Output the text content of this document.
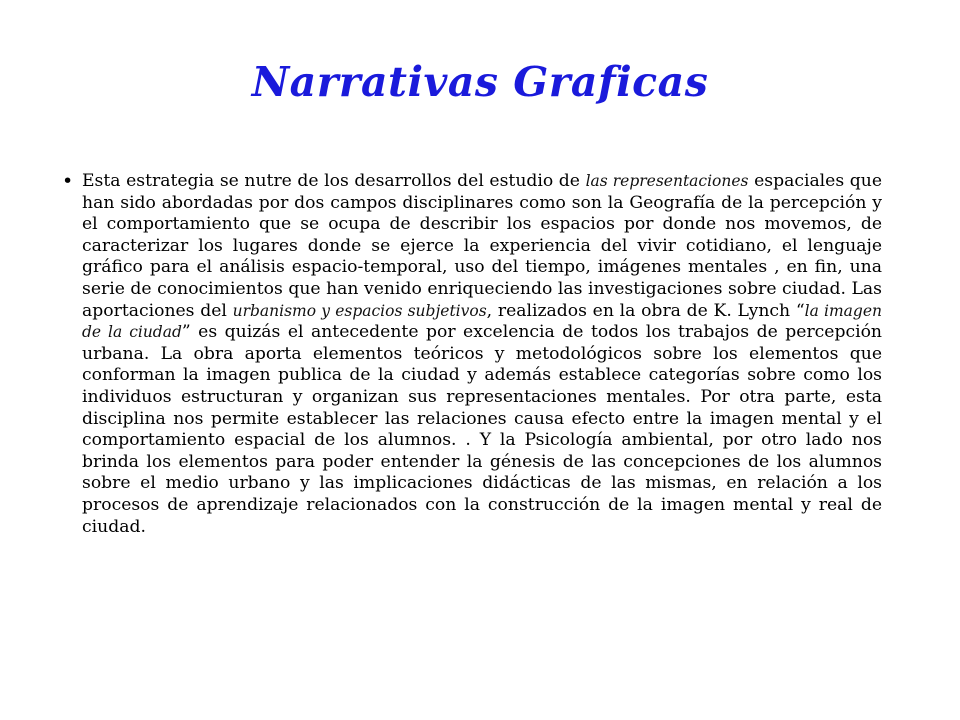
Narrativas Graficas
• Esta estrategia se nutre de los desarrollos del estudio de las representaciones espaciales que han sido abordadas por dos campos disciplinares como son la Geografía de la percepción y el comportamiento que se ocupa de describir los espacios por donde nos movemos, de caracterizar los lugares donde se ejerce la experiencia del vivir cotidiano, el lenguaje gráfico para el análisis espacio-temporal, uso del tiempo, imágenes mentales , en fin, una serie de conocimientos que han venido enriqueciendo las investigaciones sobre ciudad. Las aportaciones del urbanismo y espacios subjetivos, realizados en la obra de K. Lynch “la imagen de la ciudad” es quizás el antecedente por excelencia de todos los trabajos de percepción urbana. La obra aporta elementos teóricos y metodológicos sobre los elementos que conforman la imagen publica de la ciudad y además establece categorías sobre como los individuos estructuran y organizan sus representaciones mentales. Por otra parte, esta disciplina nos permite establecer las relaciones causa efecto entre la imagen mental y el comportamiento espacial de los alumnos. . Y la Psicología ambiental, por otro lado nos brinda los elementos para poder entender la génesis de las concepciones de los alumnos sobre el medio urbano y las implicaciones didácticas de las mismas, en relación a los procesos de aprendizaje relacionados con la construcción de la imagen mental y real de ciudad.
